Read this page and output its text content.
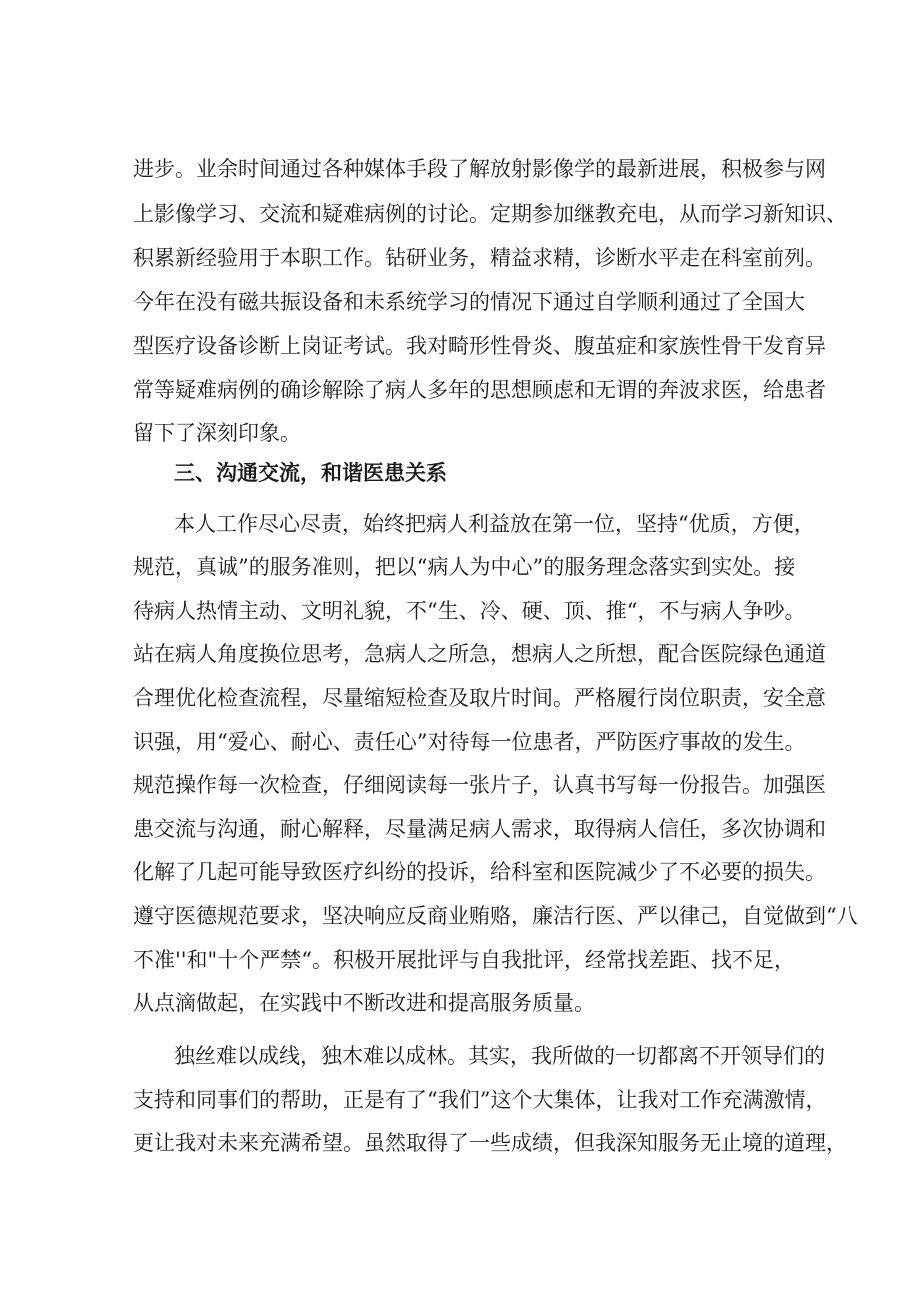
进步。业余时间通过各种媒体手段了解放射影像学的最新进展，积极参与网
上影像学习、交流和疑难病例的讨论。定期参加继教充电，从而学习新知识、
积累新经验用于本职工作。钻研业务，精益求精，诊断水平走在科室前列。
今年在没有磁共振设备和未系统学习的情况下通过自学顺利通过了全国大
型医疗设备诊断上岗证考试。我对畸形性骨炎、腹茧症和家族性骨干发育异
常等疑难病例的确诊解除了病人多年的思想顾虑和无谓的奔波求医，给患者
留下了深刻印象。
三、沟通交流，和谐医患关系
本人工作尽心尽责，始终把病人利益放在第一位，坚持“优质，方便，
规范，真诚”的服务准则，把以“病人为中心”的服务理念落实到实处。接
待病人热情主动、文明礼貌，不“生、冷、硬、顶、推“，不与病人争吵。
站在病人角度换位思考，急病人之所急，想病人之所想，配合医院绿色通道
合理优化检查流程，尽量缩短检查及取片时间。严格履行岗位职责，安全意
识强，用“爱心、耐心、责任心”对待每一位患者，严防医疗事故的发生。
规范操作每一次检查，仔细阅读每一张片子，认真书写每一份报告。加强医
患交流与沟通，耐心解释，尽量满足病人需求，取得病人信任，多次协调和
化解了几起可能导致医疗纠纷的投诉，给科室和医院减少了不必要的损失。
遵守医德规范要求，坚决响应反商业贿赂，廉洁行医、严以律己，自觉做到“八
不准''和"十个严禁“。积极开展批评与自我批评，经常找差距、找不足，
从点滴做起，在实践中不断改进和提高服务质量。
独丝难以成线，独木难以成林。其实，我所做的一切都离不开领导们的
支持和同事们的帮助，正是有了“我们”这个大集体，让我对工作充满激情，
更让我对未来充满希望。虽然取得了一些成绩，但我深知服务无止境的道理，
